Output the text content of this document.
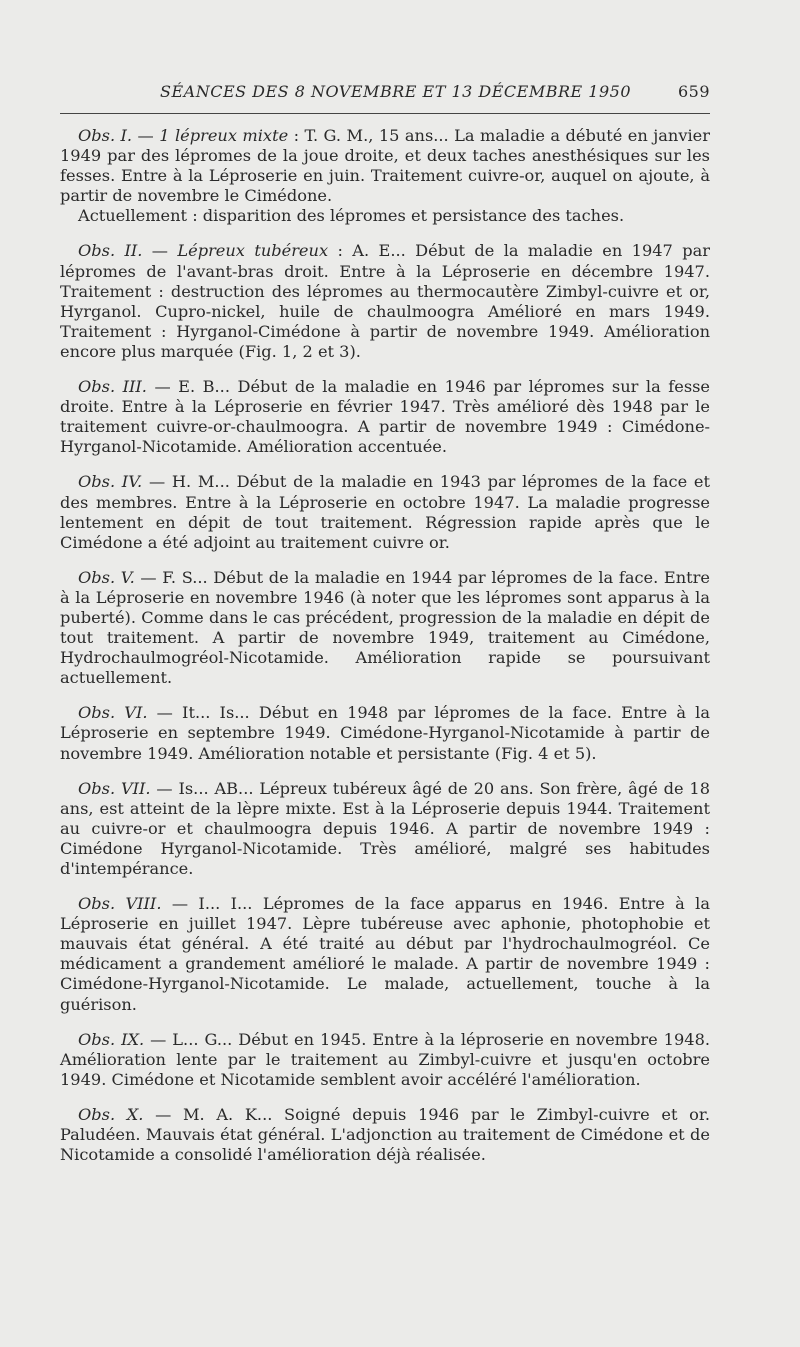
SÉANCES DES 8 NOVEMBRE ET 13 DÉCEMBRE 1950	659

Obs. I. — 1 lépreux mixte : T. G. M., 15 ans... La maladie a débuté en janvier 1949 par des lépromes de la joue droite, et deux taches anesthésiques sur les fesses. Entre à la Léproserie en juin. Traitement cuivre-or, auquel on ajoute, à partir de novembre le Cimédone.
Actuellement : disparition des lépromes et persistance des taches.

Obs. II. — Lépreux tubéreux : A. E... Début de la maladie en 1947 par lépromes de l'avant-bras droit. Entre à la Léproserie en décembre 1947. Traitement : destruction des lépromes au thermocautère Zimbyl-cuivre et or, Hyrganol. Cupro-nickel, huile de chaulmoogra Amélioré en mars 1949. Traitement : Hyrganol-Cimédone à partir de novembre 1949. Amélioration encore plus marquée (Fig. 1, 2 et 3).

Obs. III. — E. B... Début de la maladie en 1946 par lépromes sur la fesse droite. Entre à la Léproserie en février 1947. Très amélioré dès 1948 par le traitement cuivre-or-chaulmoogra. A partir de novembre 1949 : Cimédone-Hyrganol-Nicotamide. Amélioration accentuée.

Obs. IV. — H. M... Début de la maladie en 1943 par lépromes de la face et des membres. Entre à la Léproserie en octobre 1947. La maladie progresse lentement en dépit de tout traitement. Régression rapide après que le Cimédone a été adjoint au traitement cuivre or.

Obs. V. — F. S... Début de la maladie en 1944 par lépromes de la face. Entre à la Léproserie en novembre 1946 (à noter que les lépromes sont apparus à la puberté). Comme dans le cas précédent, progression de la maladie en dépit de tout traitement. A partir de novembre 1949, traitement au Cimédone, Hydrochaulmogréol-Nicotamide. Amélioration rapide se poursuivant actuellement.

Obs. VI. — It... Is... Début en 1948 par lépromes de la face. Entre à la Léproserie en septembre 1949. Cimédone-Hyrganol-Nicotamide à partir de novembre 1949. Amélioration notable et persistante (Fig. 4 et 5).

Obs. VII. — Is... AB... Lépreux tubéreux âgé de 20 ans. Son frère, âgé de 18 ans, est atteint de la lèpre mixte. Est à la Léproserie depuis 1944. Traitement au cuivre-or et chaulmoogra depuis 1946. A partir de novembre 1949 : Cimédone Hyrganol-Nicotamide. Très amélioré, malgré ses habitudes d'intempérance.

Obs. VIII. — I... I... Lépromes de la face apparus en 1946. Entre à la Léproserie en juillet 1947. Lèpre tubéreuse avec aphonie, photophobie et mauvais état général. A été traité au début par l'hydrochaulmogréol. Ce médicament a grandement amélioré le malade. A partir de novembre 1949 : Cimédone-Hyrganol-Nicotamide. Le malade, actuellement, touche à la guérison.

Obs. IX. — L... G... Début en 1945. Entre à la léproserie en novembre 1948. Amélioration lente par le traitement au Zimbyl-cuivre et jusqu'en octobre 1949. Cimédone et Nicotamide semblent avoir accéléré l'amélioration.

Obs. X. — M. A. K... Soigné depuis 1946 par le Zimbyl-cuivre et or. Paludéen. Mauvais état général. L'adjonction au traitement de Cimédone et de Nicotamide a consolidé l'amélioration déjà réalisée.
